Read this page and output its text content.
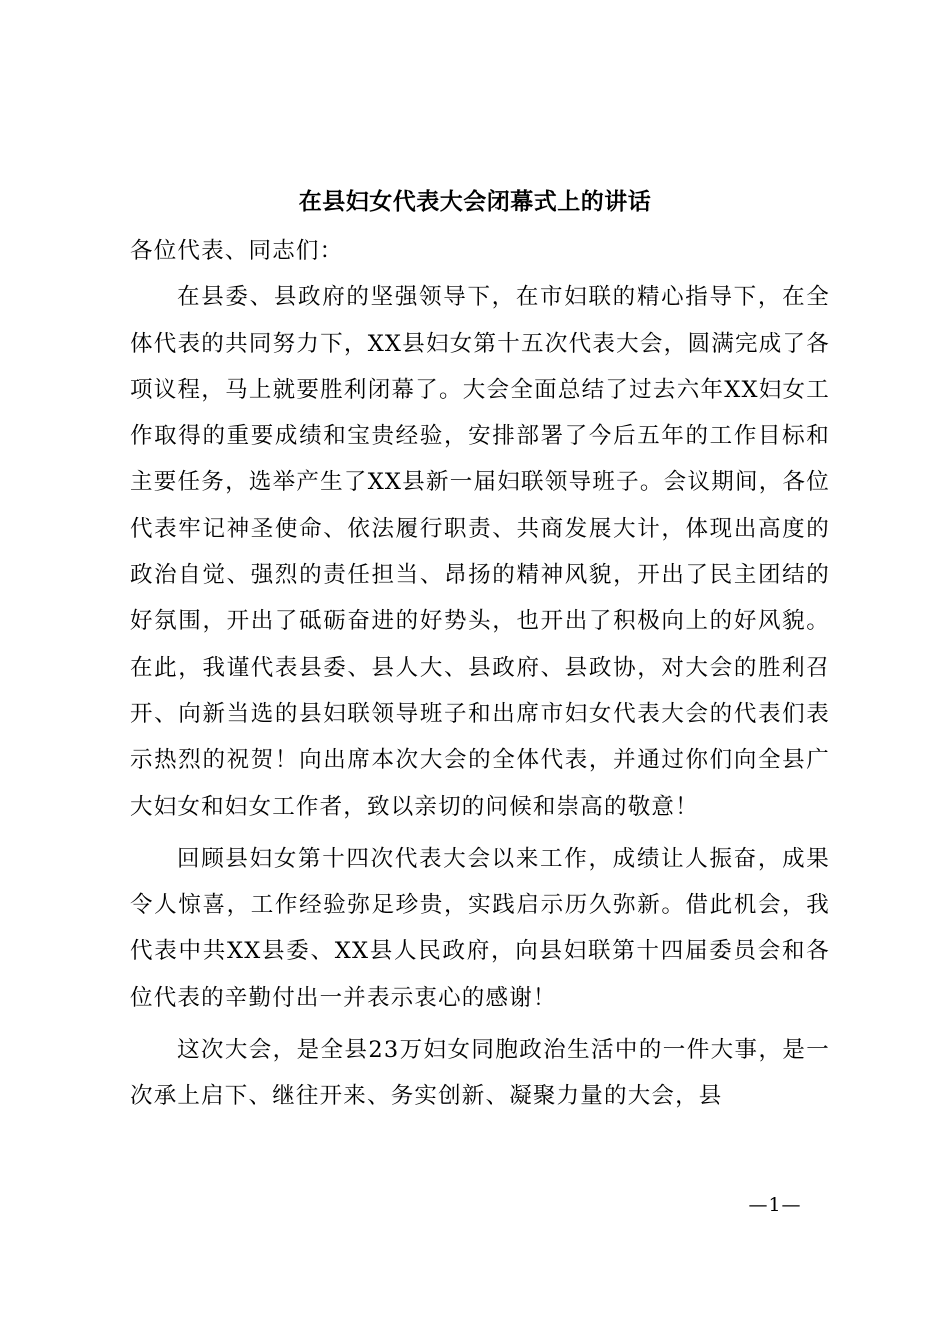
在县妇女代表大会闭幕式上的讲话

各位代表、同志们：

在县委、县政府的坚强领导下，在市妇联的精心指导下，在全体代表的共同努力下，XX县妇女第十五次代表大会，圆满完成了各项议程，马上就要胜利闭幕了。大会全面总结了过去六年XX妇女工作取得的重要成绩和宝贵经验，安排部署了今后五年的工作目标和主要任务，选举产生了XX县新一届妇联领导班子。会议期间，各位代表牢记神圣使命、依法履行职责、共商发展大计，体现出高度的政治自觉、强烈的责任担当、昂扬的精神风貌，开出了民主团结的好氛围，开出了砥砺奋进的好势头，也开出了积极向上的好风貌。在此，我谨代表县委、县人大、县政府、县政协，对大会的胜利召开、向新当选的县妇联领导班子和出席市妇女代表大会的代表们表示热烈的祝贺！向出席本次大会的全体代表，并通过你们向全县广大妇女和妇女工作者，致以亲切的问候和崇高的敬意！

回顾县妇女第十四次代表大会以来工作，成绩让人振奋，成果令人惊喜，工作经验弥足珍贵，实践启示历久弥新。借此机会，我代表中共XX县委、XX县人民政府，向县妇联第十四届委员会和各位代表的辛勤付出一并表示衷心的感谢！

这次大会，是全县23万妇女同胞政治生活中的一件大事，是一次承上启下、继往开来、务实创新、凝聚力量的大会，县

—1—
